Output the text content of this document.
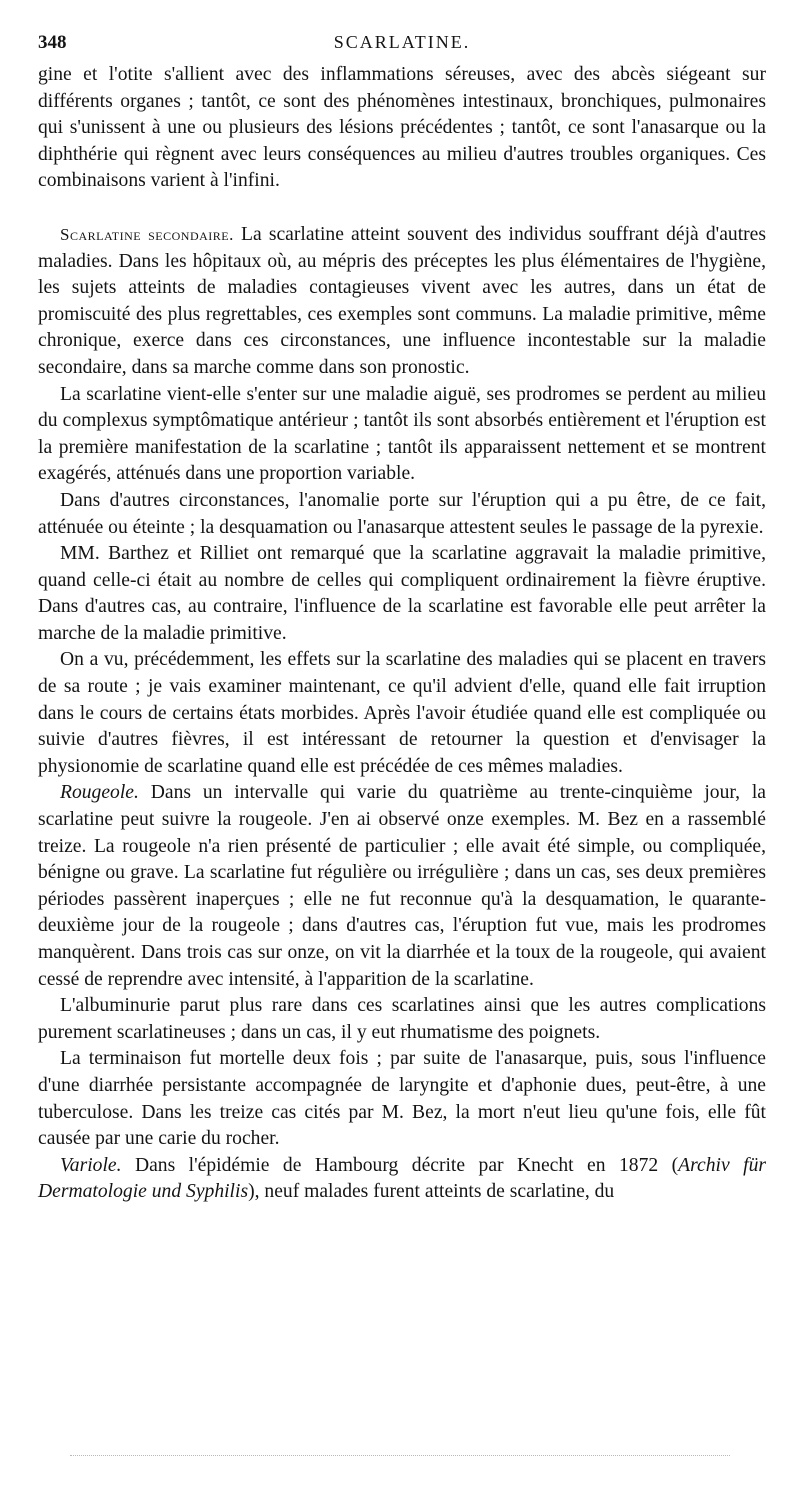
348	SCARLATINE.

gine et l'otite s'allient avec des inflammations séreuses, avec des abcès siégeant sur différents organes ; tantôt, ce sont des phénomènes intestinaux, bronchiques, pulmonaires qui s'unissent à une ou plusieurs des lésions précédentes ; tantôt, ce sont l'anasarque ou la diphthérie qui règnent avec leurs conséquences au milieu d'autres troubles organiques. Ces combinaisons varient à l'infini.

Scarlatine secondaire. La scarlatine atteint souvent des individus souffrant déjà d'autres maladies. Dans les hôpitaux où, au mépris des préceptes les plus élémentaires de l'hygiène, les sujets atteints de maladies contagieuses vivent avec les autres, dans un état de promiscuité des plus regrettables, ces exemples sont communs. La maladie primitive, même chronique, exerce dans ces circonstances, une influence incontestable sur la maladie secondaire, dans sa marche comme dans son pronostic.

La scarlatine vient-elle s'enter sur une maladie aiguë, ses prodromes se perdent au milieu du complexus symptômatique antérieur ; tantôt ils sont absorbés entièrement et l'éruption est la première manifestation de la scarlatine ; tantôt ils apparaissent nettement et se montrent exagérés, atténués dans une proportion variable.

Dans d'autres circonstances, l'anomalie porte sur l'éruption qui a pu être, de ce fait, atténuée ou éteinte ; la desquamation ou l'anasarque attestent seules le passage de la pyrexie.

MM. Barthez et Rilliet ont remarqué que la scarlatine aggravait la maladie primitive, quand celle-ci était au nombre de celles qui compliquent ordinairement la fièvre éruptive. Dans d'autres cas, au contraire, l'influence de la scarlatine est favorable elle peut arrêter la marche de la maladie primitive.

On a vu, précédemment, les effets sur la scarlatine des maladies qui se placent en travers de sa route ; je vais examiner maintenant, ce qu'il advient d'elle, quand elle fait irruption dans le cours de certains états morbides. Après l'avoir étudiée quand elle est compliquée ou suivie d'autres fièvres, il est intéressant de retourner la question et d'envisager la physionomie de scarlatine quand elle est précédée de ces mêmes maladies.

Rougeole. Dans un intervalle qui varie du quatrième au trente-cinquième jour, la scarlatine peut suivre la rougeole. J'en ai observé onze exemples. M. Bez en a rassemblé treize. La rougeole n'a rien présenté de particulier ; elle avait été simple, ou compliquée, bénigne ou grave. La scarlatine fut régulière ou irrégulière ; dans un cas, ses deux premières périodes passèrent inaperçues ; elle ne fut reconnue qu'à la desquamation, le quarante-deuxième jour de la rougeole ; dans d'autres cas, l'éruption fut vue, mais les prodromes manquèrent. Dans trois cas sur onze, on vit la diarrhée et la toux de la rougeole, qui avaient cessé de reprendre avec intensité, à l'apparition de la scarlatine.

L'albuminurie parut plus rare dans ces scarlatines ainsi que les autres complications purement scarlatineuses ; dans un cas, il y eut rhumatisme des poignets.

La terminaison fut mortelle deux fois ; par suite de l'anasarque, puis, sous l'influence d'une diarrhée persistante accompagnée de laryngite et d'aphonie dues, peut-être, à une tuberculose. Dans les treize cas cités par M. Bez, la mort n'eut lieu qu'une fois, elle fût causée par une carie du rocher.

Variole. Dans l'épidémie de Hambourg décrite par Knecht en 1872 (Archiv für Dermatologie und Syphilis), neuf malades furent atteints de scarlatine, du
